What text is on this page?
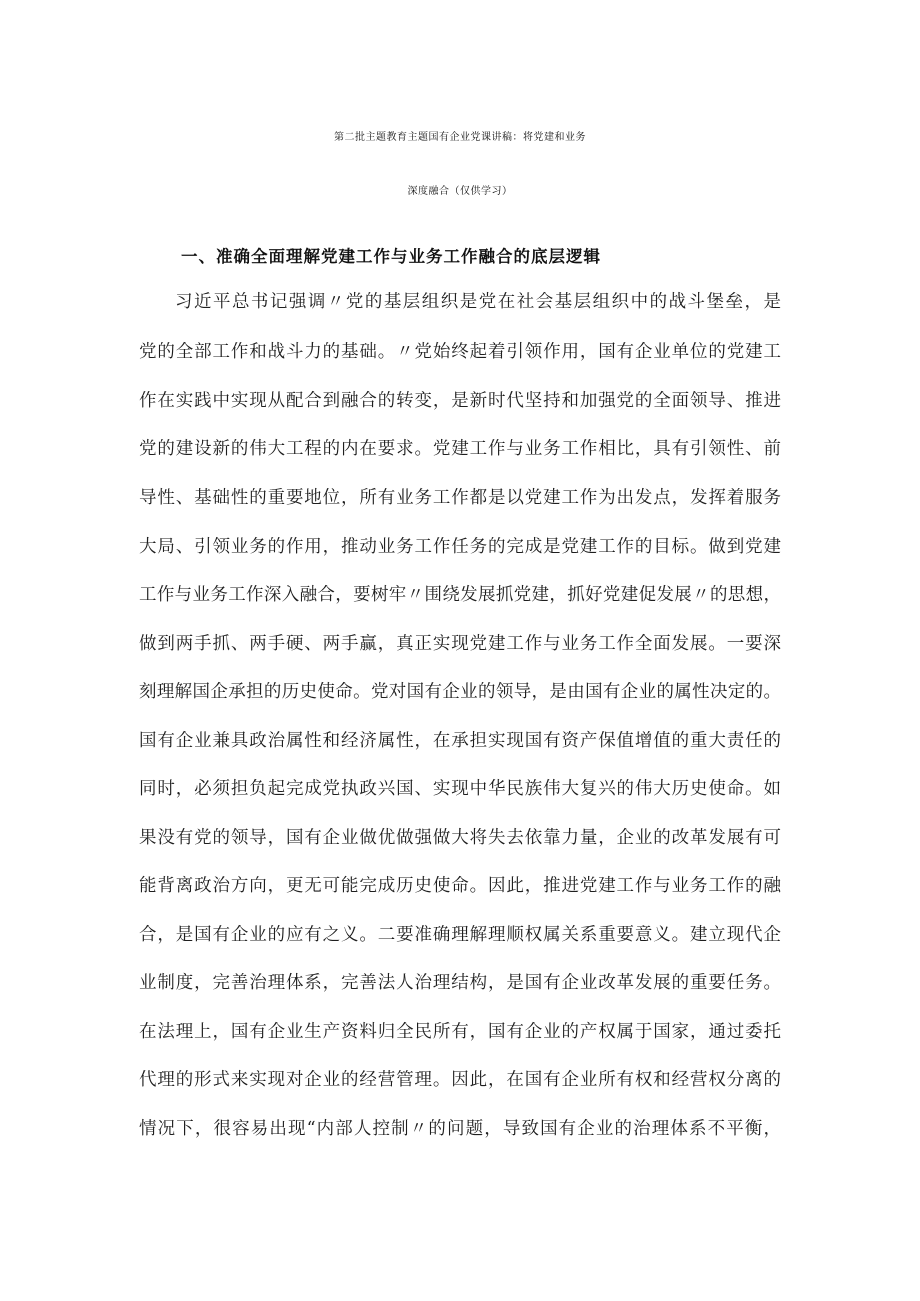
第二批主题教育主题国有企业党课讲稿：将党建和业务
深度融合（仅供学习）
一、准确全面理解党建工作与业务工作融合的底层逻辑
习近平总书记强调〃党的基层组织是党在社会基层组织中的战斗堡垒，是
党的全部工作和战斗力的基础。〃党始终起着引领作用，国有企业单位的党建工
作在实践中实现从配合到融合的转变，是新时代坚持和加强党的全面领导、推进
党的建设新的伟大工程的内在要求。党建工作与业务工作相比，具有引领性、前
导性、基础性的重要地位，所有业务工作都是以党建工作为出发点，发挥着服务
大局、引领业务的作用，推动业务工作任务的完成是党建工作的目标。做到党建
工作与业务工作深入融合，要树牢〃围绕发展抓党建，抓好党建促发展〃的思想，
做到两手抓、两手硬、两手赢，真正实现党建工作与业务工作全面发展。一要深
刻理解国企承担的历史使命。党对国有企业的领导，是由国有企业的属性决定的。
国有企业兼具政治属性和经济属性，在承担实现国有资产保值增值的重大责任的
同时，必须担负起完成党执政兴国、实现中华民族伟大复兴的伟大历史使命。如
果没有党的领导，国有企业做优做强做大将失去依靠力量，企业的改革发展有可
能背离政治方向，更无可能完成历史使命。因此，推进党建工作与业务工作的融
合，是国有企业的应有之义。二要准确理解理顺权属关系重要意义。建立现代企
业制度，完善治理体系，完善法人治理结构，是国有企业改革发展的重要任务。
在法理上，国有企业生产资料归全民所有，国有企业的产权属于国家，通过委托
代理的形式来实现对企业的经营管理。因此，在国有企业所有权和经营权分离的
情况下，很容易出现“内部人控制〃的问题，导致国有企业的治理体系不平衡，
